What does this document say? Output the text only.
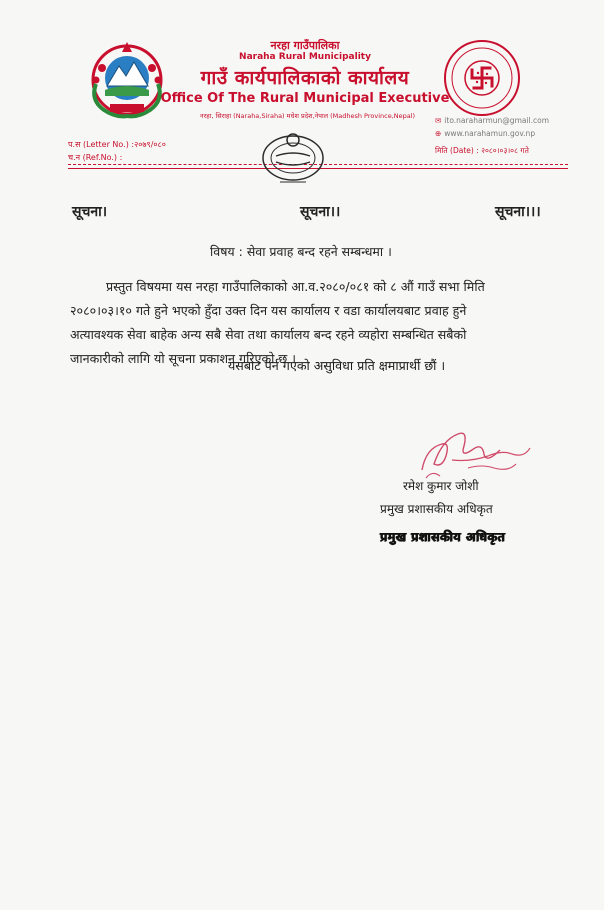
नरहा गाउँपालिका
Naraha Rural Municipality
गाउँ कार्यपालिकाको कार्यालय
Office Of The Rural Municipal Executive
नरहा, सिराहा (Naraha,Siraha) मधेश प्रदेश,नेपाल (Madhesh Province,Nepal)
प.स (Letter No.) :२०७९/०८०
च.न (Ref.No.) :
✉ ito.naraharmun@gmail.com
⊕ www.narahamun.gov.np
मिति (Date) : २०८०।०३।०८ गते
सूचना।	सूचना।।	सूचना।।।
विषय : सेवा प्रवाह बन्द रहने सम्बन्धमा ।
प्रस्तुत विषयमा यस नरहा गाउँपालिकाको आ.व.२०८०/०८१ को ८ औं गाउँ सभा मिति
२०८०।०३।१० गते हुने भएको हुँदा उक्त दिन यस कार्यालय र वडा कार्यालयबाट प्रवाह हुने
अत्यावश्यक सेवा बाहेक अन्य सबै सेवा तथा कार्यालय बन्द रहने व्यहोरा सम्बन्धित सबैको
जानकारीको लागि यो सूचना प्रकाशन गरिएको छ ।
यसबाट पर्न गएको असुविधा प्रति क्षमाप्रार्थी छौं ।
रमेश कुमार जोशी
प्रमुख प्रशासकीय अधिकृत
प्रमुख प्रशासकीय अधिकृत
